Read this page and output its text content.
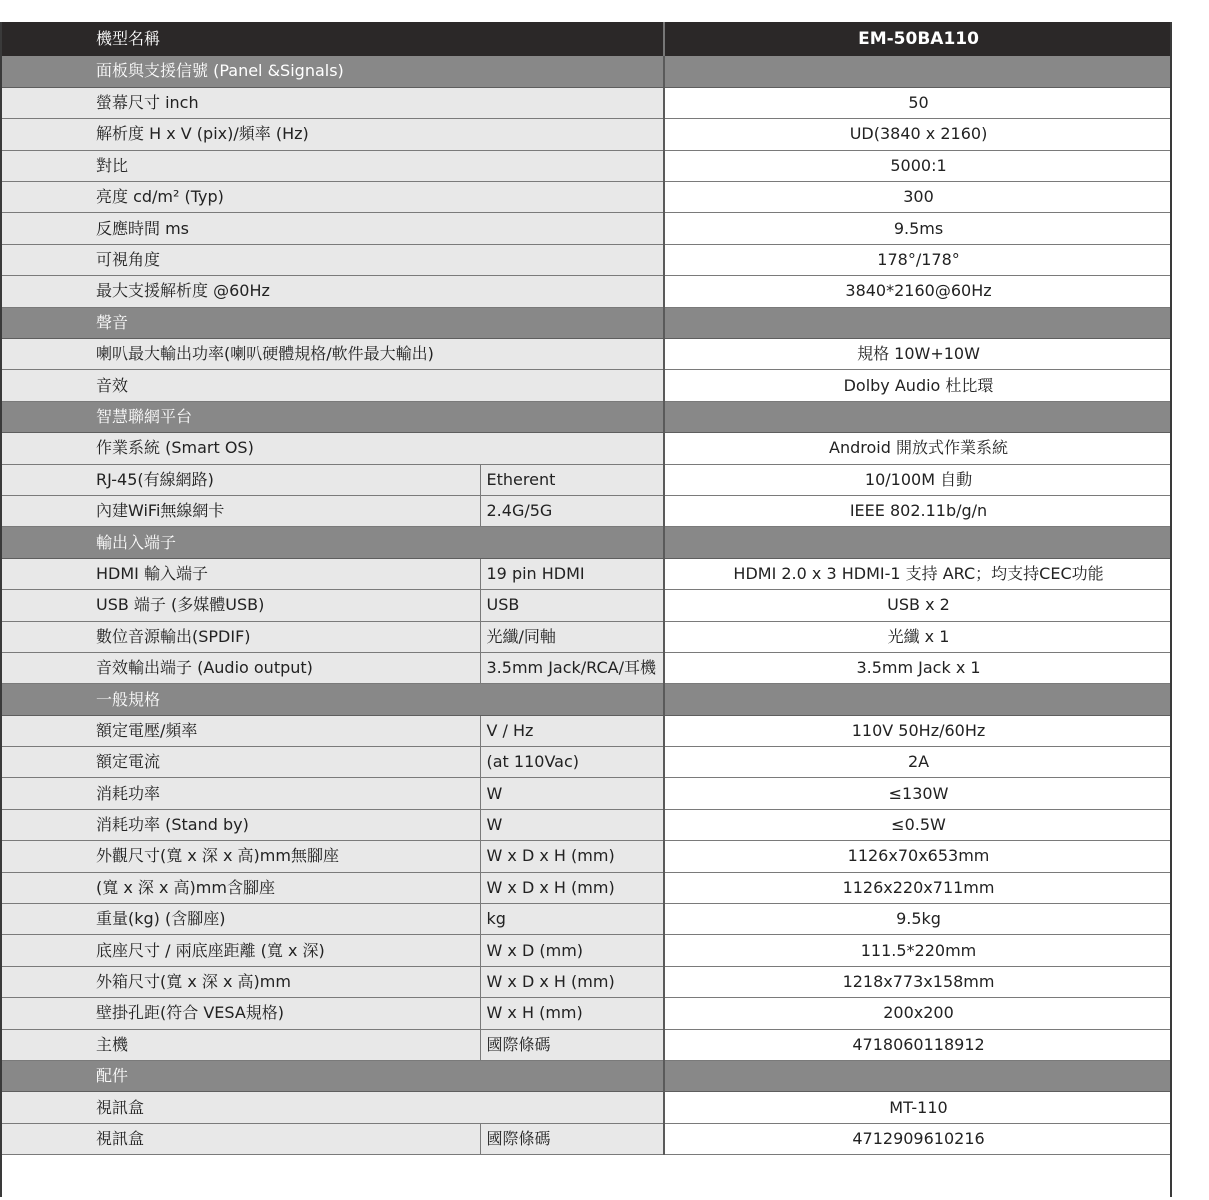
機型名稱		EM-50BA110
面板與支援信號 (Panel &Signals)		
螢幕尺寸 inch		50
解析度 H x V (pix)/頻率 (Hz)		UD(3840 x 2160)
對比		5000:1
亮度 cd/m² (Typ)		300
反應時間 ms		9.5ms
可視角度		178°/178°
最大支援解析度 @60Hz		3840*2160@60Hz
聲音		
喇叭最大輸出功率(喇叭硬體規格/軟件最大輸出)		規格 10W+10W
音效		Dolby Audio 杜比環
智慧聯網平台		
作業系統 (Smart OS)		Android 開放式作業系統
RJ-45(有線網路)	Etherent	10/100M 自動
內建WiFi無線網卡	2.4G/5G	IEEE 802.11b/g/n
輸出入端子		
HDMI 輸入端子	19 pin HDMI	HDMI 2.0 x 3 HDMI-1 支持 ARC；均支持CEC功能
USB 端子 (多媒體USB)	USB	USB x 2
數位音源輸出(SPDIF)	光纖/同軸	光纖 x 1
音效輸出端子 (Audio output)	3.5mm Jack/RCA/耳機	3.5mm Jack x 1
一般規格		
額定電壓/頻率	V / Hz	110V 50Hz/60Hz
額定電流	(at 110Vac)	2A
消耗功率	W	≤130W
消耗功率 (Stand by)	W	≤0.5W
外觀尺寸(寬 x 深 x 高)mm無腳座	W x D x H (mm)	1126x70x653mm
(寬 x 深 x 高)mm含腳座	W x D x H (mm)	1126x220x711mm
重量(kg) (含腳座)	kg	9.5kg
底座尺寸 / 兩底座距離 (寬 x 深)	W x D (mm)	111.5*220mm
外箱尺寸(寬 x 深 x 高)mm	W x D x H (mm)	1218x773x158mm
壁掛孔距(符合 VESA規格)	W x H (mm)	200x200
主機	國際條碼	4718060118912
配件		
視訊盒		MT-110
視訊盒	國際條碼	4712909610216
